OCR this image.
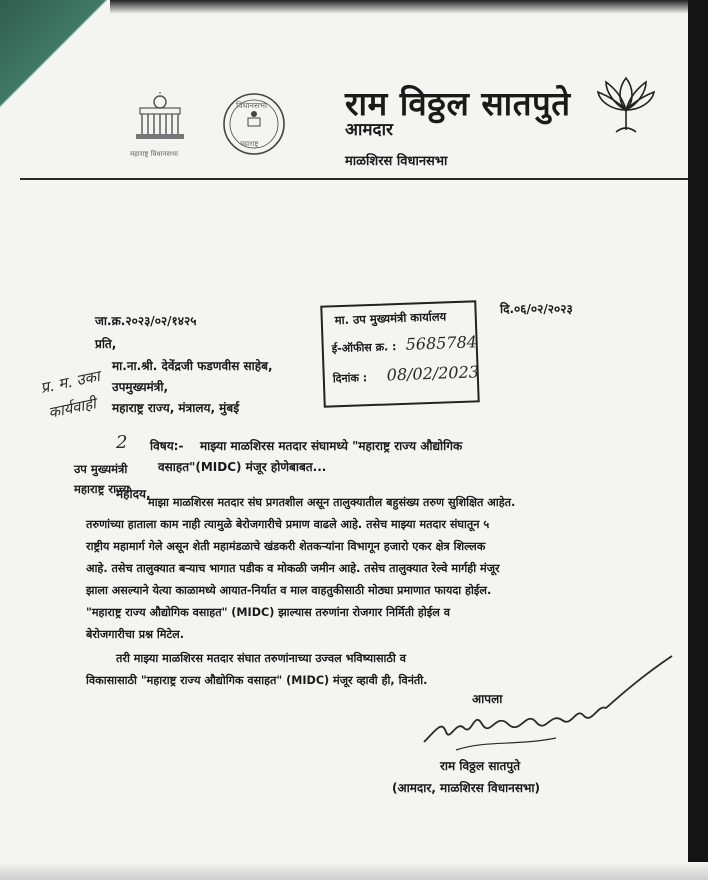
महाराष्ट्र विधानसभा
विधानसभा
महाराष्ट्र
राम विठ्ठल सातपुते
आमदार
माळशिरस विधानसभा
जा.क्र.२०२३/०२/१४२५
दि.०६/०२/२०२३
प्रति,
मा.ना.श्री. देवेंद्रजी फडणवीस साहेब,
उपमुख्यमंत्री,
महाराष्ट्र राज्य, मंत्रालय, मुंबई
मा. उप मुख्यमंत्री कार्यालय
ई-ऑफीस क्र. : 5685784
दिनांक : 08/02/2023
प्र. म. उका
कार्यवाही
2
उप मुख्यमंत्री
महाराष्ट्र राज्य
विषय:- माझ्या माळशिरस मतदार संघामध्ये "महाराष्ट्र राज्य औद्योगिक
वसाहत"(MIDC) मंजूर होणेबाबत...
महोदय,
माझा माळशिरस मतदार संघ प्रगतशील असून तालुक्यातील बहुसंख्य तरुण सुशिक्षित आहेत.
तरुणांच्या हाताला काम नाही त्यामुळे बेरोजगारीचे प्रमाण वाढले आहे. तसेच माझ्या मतदार संघातून ५
राष्ट्रीय महामार्ग गेले असून शेती महामंडळाचे खंडकरी शेतकऱ्यांना विभागून हजारो एकर क्षेत्र शिल्लक
आहे. तसेच तालुक्यात बऱ्याच भागात पडीक व मोकळी जमीन आहे. तसेच तालुक्यात रेल्वे मार्गही मंजूर
झाला असल्याने येत्या काळामध्ये आयात-निर्यात व माल वाहतुकीसाठी मोठ्या प्रमाणात फायदा होईल.
"महाराष्ट्र राज्य औद्योगिक वसाहत" (MIDC) झाल्यास तरुणांना रोजगार निर्मिती होईल व
बेरोजगारीचा प्रश्न मिटेल.
तरी माझ्या माळशिरस मतदार संघात तरुणांनाच्या उज्वल भविष्यासाठी व
विकासासाठी "महाराष्ट्र राज्य औद्योगिक वसाहत" (MIDC) मंजूर व्हावी ही, विनंती.
आपला
राम विठ्ठल सातपुते
(आमदार, माळशिरस विधानसभा)
